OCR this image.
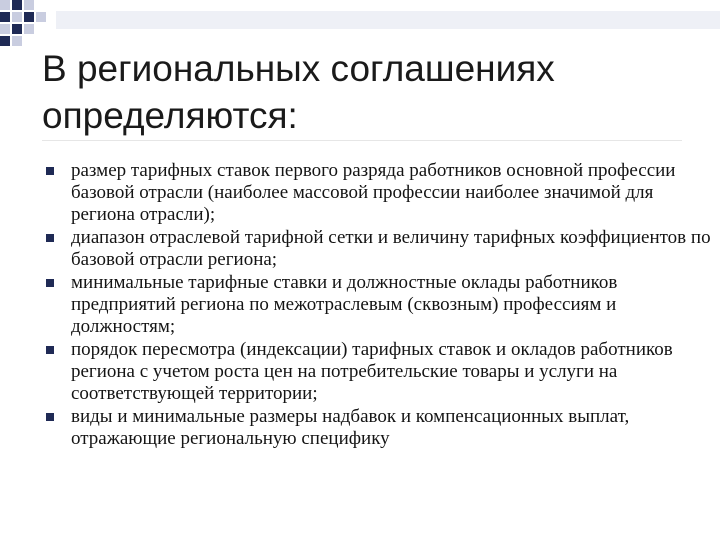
В региональных соглашениях определяются:
размер тарифных ставок первого разряда работников основной профессии базовой отрасли (наиболее массовой профессии наиболее значимой для региона отрасли);
диапазон отраслевой тарифной сетки и величину тарифных коэффициентов по базовой отрасли региона;
минимальные тарифные ставки и должностные оклады работников предприятий региона по межотраслевым (сквозным) профессиям и должностям;
порядок пересмотра (индексации) тарифных ставок и окладов работников региона с учетом роста цен на потребительские товары и услуги на соответствующей территории;
виды и минимальные размеры надбавок и компенсационных выплат, отражающие региональную специфику
